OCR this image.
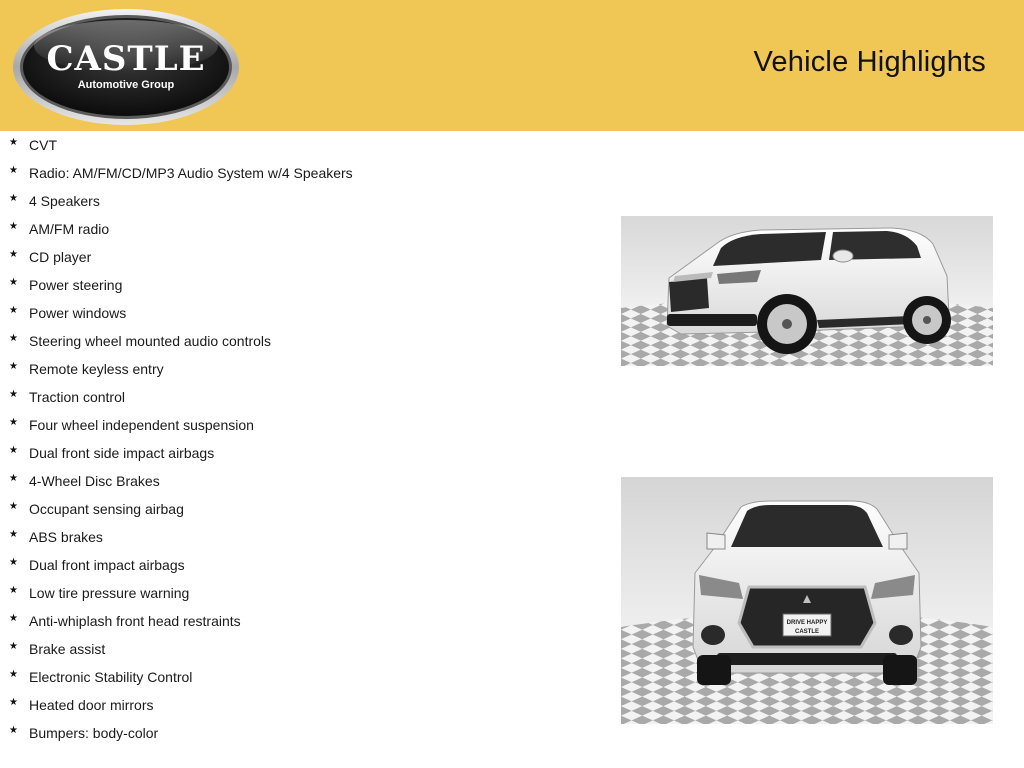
CASTLE
Automotive Group
Vehicle Highlights
★ CVT
★ Radio: AM/FM/CD/MP3 Audio System w/4 Speakers
★ 4 Speakers
★ AM/FM radio
★ CD player
★ Power steering
★ Power windows
★ Steering wheel mounted audio controls
★ Remote keyless entry
★ Traction control
★ Four wheel independent suspension
★ Dual front side impact airbags
★ 4-Wheel Disc Brakes
★ Occupant sensing airbag
★ ABS brakes
★ Dual front impact airbags
★ Low tire pressure warning
★ Anti-whiplash front head restraints
★ Brake assist
★ Electronic Stability Control
★ Heated door mirrors
★ Bumpers: body-color
DRIVE HAPPY
CASTLE
